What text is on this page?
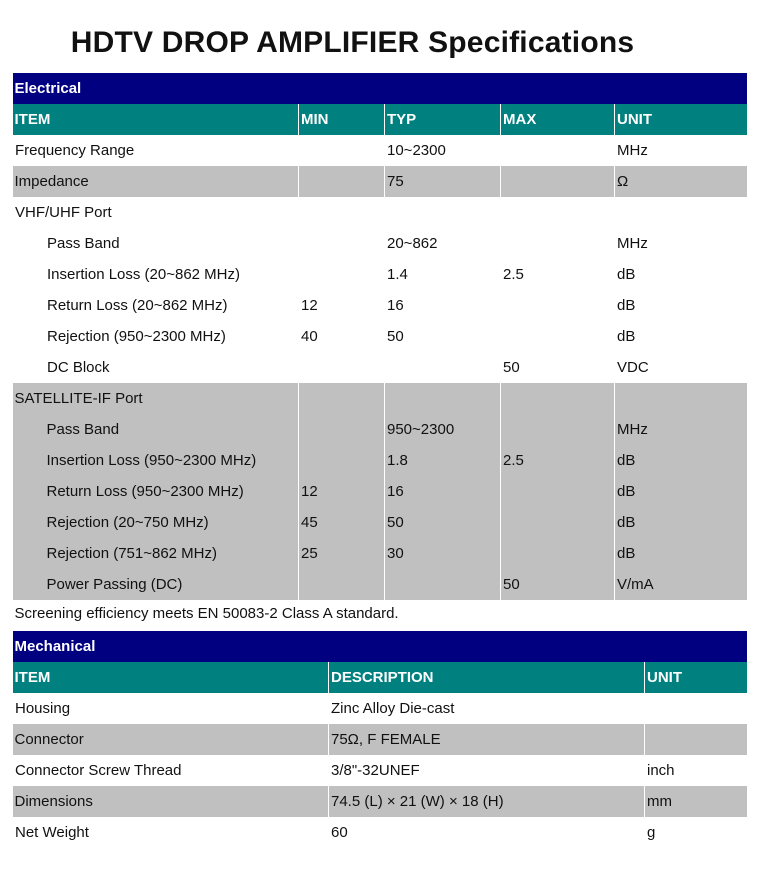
HDTV DROP AMPLIFIER Specifications
Electrical				
ITEM	MIN	TYP	MAX	UNIT
Frequency Range		10~2300		MHz
Impedance		75		Ω
VHF/UHF Port				
Pass Band		20~862		MHz
Insertion Loss (20~862 MHz)		1.4	2.5	dB
Return Loss (20~862 MHz)	12	16		dB
Rejection (950~2300 MHz)	40	50		dB
DC Block			50	VDC
SATELLITE-IF Port				
Pass Band		950~2300		MHz
Insertion Loss (950~2300 MHz)		1.8	2.5	dB
Return Loss (950~2300 MHz)	12	16		dB
Rejection (20~750 MHz)	45	50		dB
Rejection (751~862 MHz)	25	30		dB
Power Passing (DC)			50	V/mA
Screening efficiency meets EN 50083-2 Class A standard.				
Mechanical		
ITEM	DESCRIPTION	UNIT
Housing	Zinc Alloy Die-cast	
Connector	75Ω, F FEMALE	
Connector Screw Thread	3/8"-32UNEF	inch
Dimensions	74.5 (L) × 21 (W) × 18 (H)	mm
Net Weight	60	g
